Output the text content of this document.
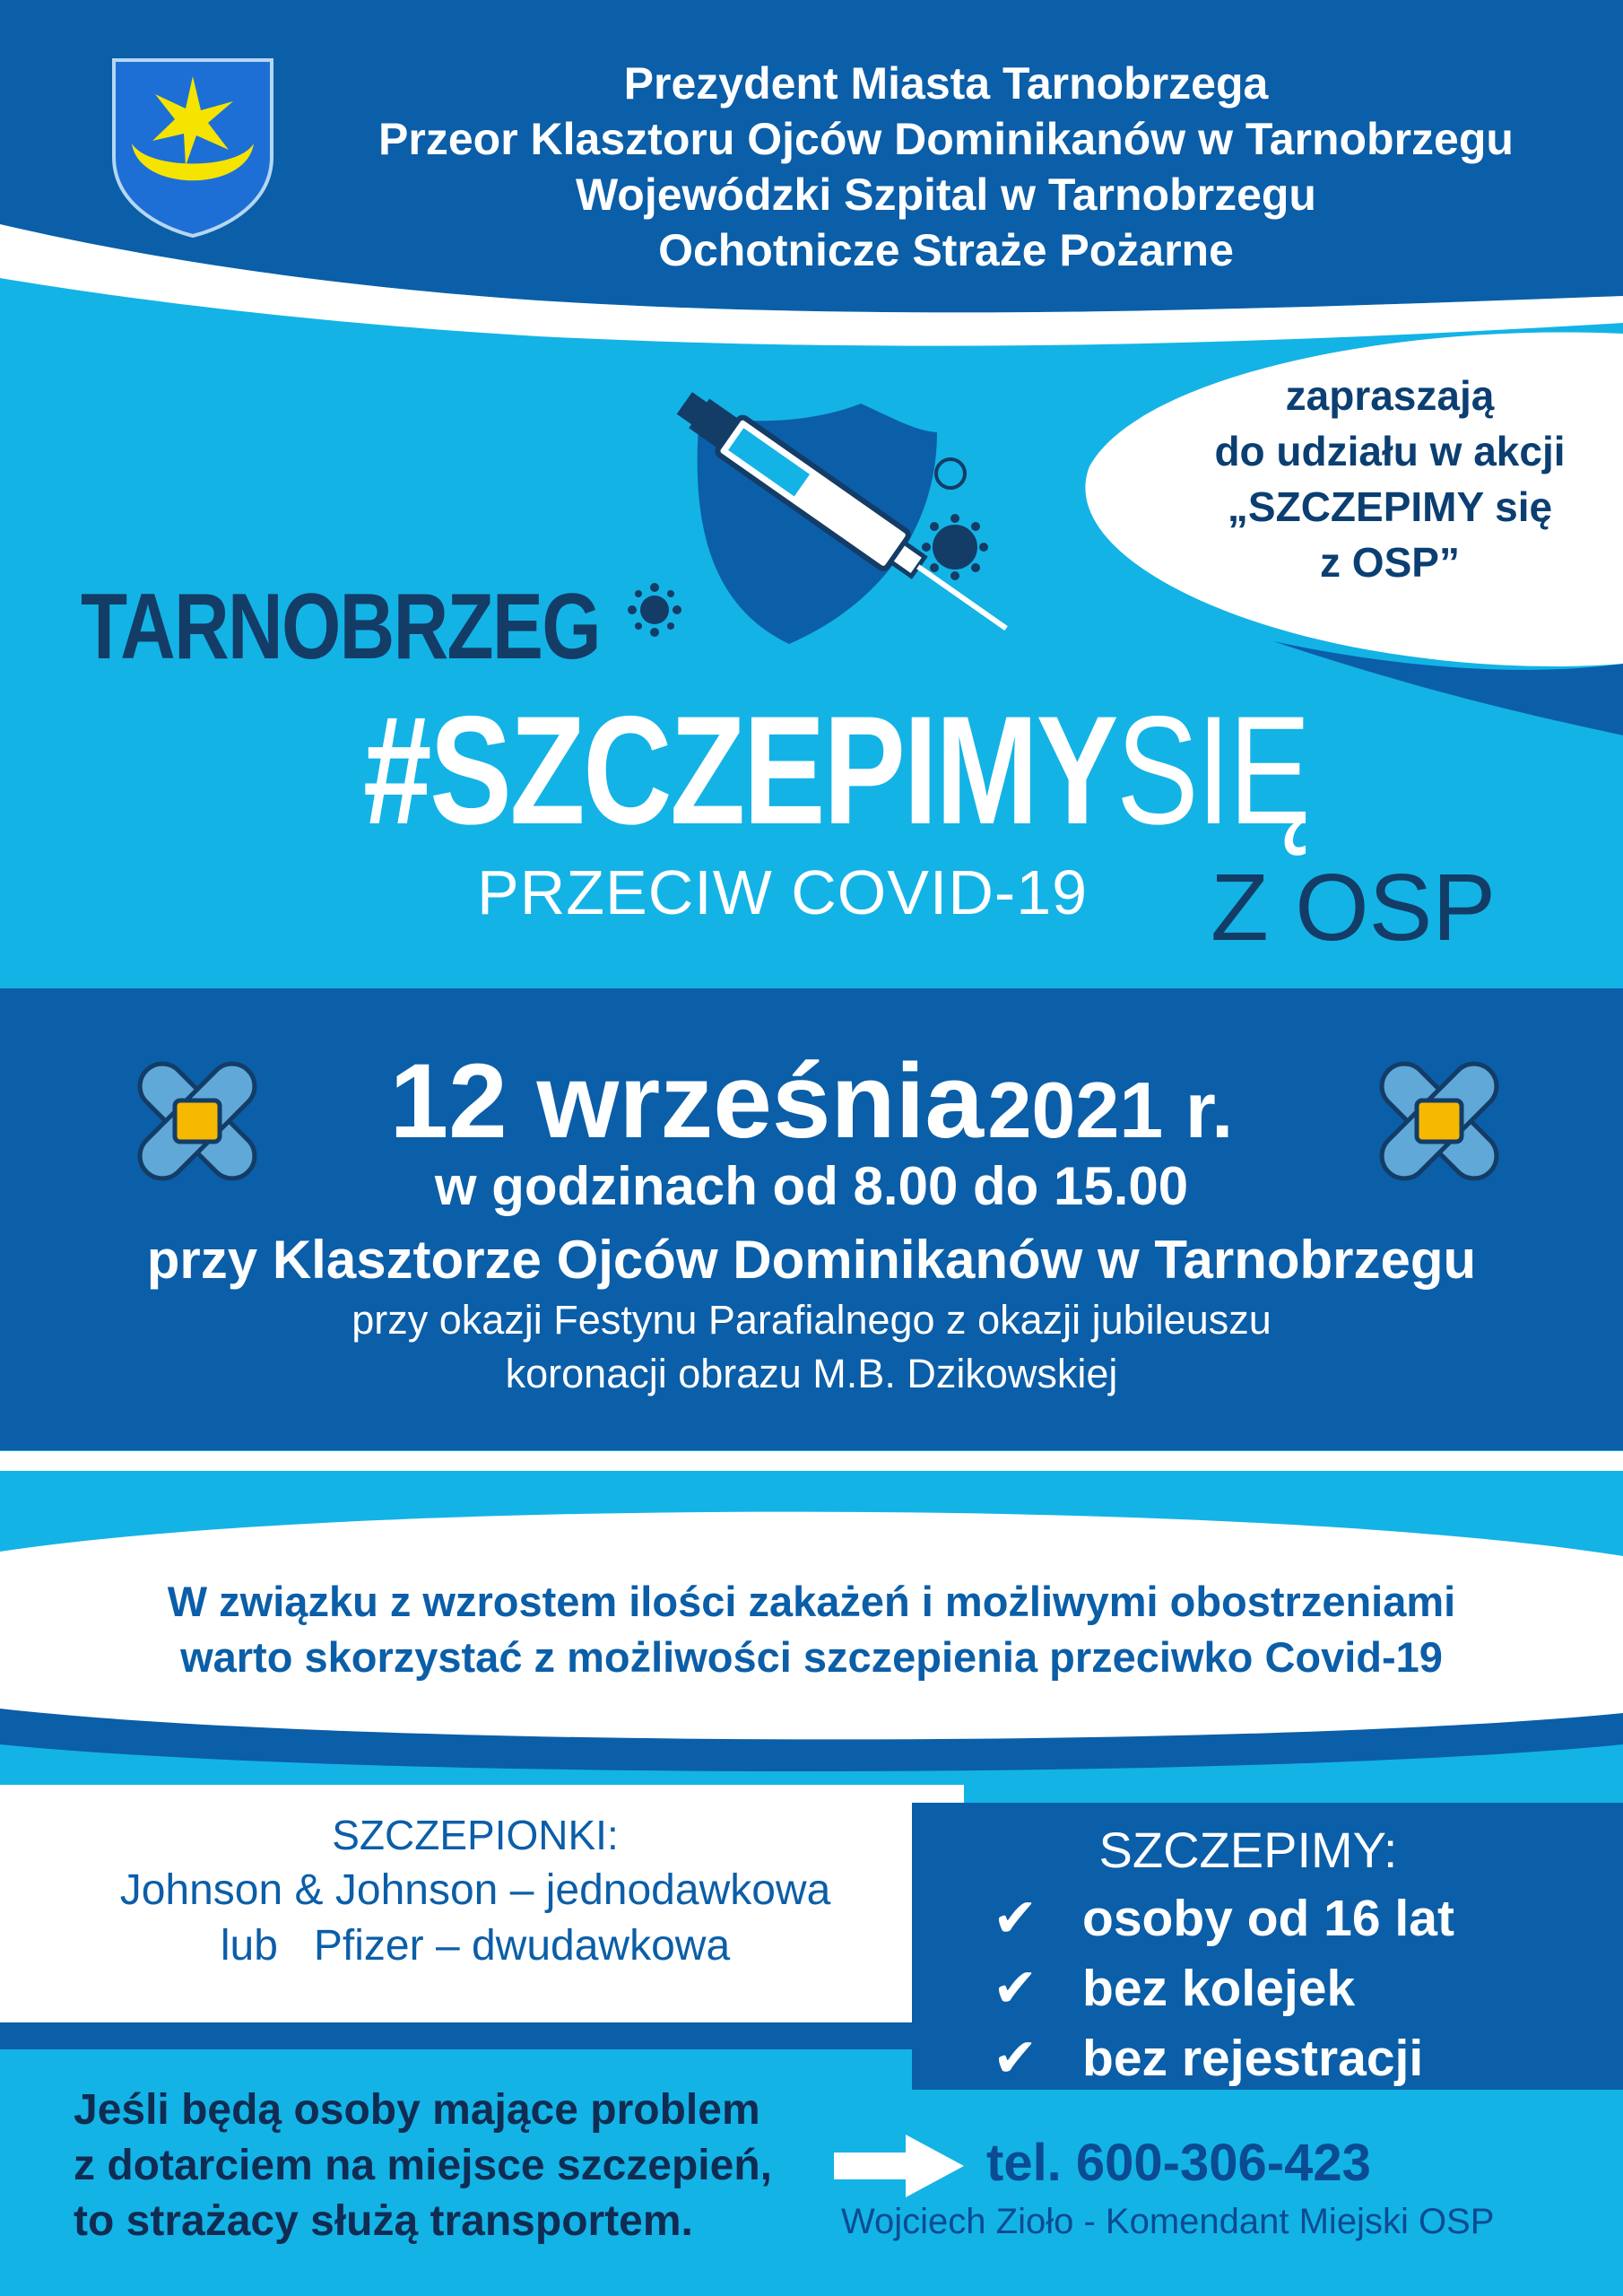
Prezydent Miasta Tarnobrzega
Przeor Klasztoru Ojców Dominikanów w Tarnobrzegu
Wojewódzki Szpital w Tarnobrzegu
Ochotnicze Straże Pożarne
zapraszają
do udziału w akcji
„SZCZEPIMY się
z OSP”
TARNOBRZEG
#SZCZEPIMYSIĘ
PRZECIW COVID-19 Z OSP
12 września 2021 r.
w godzinach od 8.00 do 15.00
przy Klasztorze Ojców Dominikanów w Tarnobrzegu
przy okazji Festynu Parafialnego z okazji jubileuszu
koronacji obrazu M.B. Dzikowskiej
W związku z wzrostem ilości zakażeń i możliwymi obostrzeniami
warto skorzystać z możliwości szczepienia przeciwko Covid-19
SZCZEPIONKI:
Johnson & Johnson – jednodawkowa
lub Pfizer – dwudawkowa
SZCZEPIMY:
✔ osoby od 16 lat
✔ bez kolejek
✔ bez rejestracji
Jeśli będą osoby mające problem
z dotarciem na miejsce szczepień,
to strażacy służą transportem.
tel. 600-306-423
Wojciech Zioło - Komendant Miejski OSP
